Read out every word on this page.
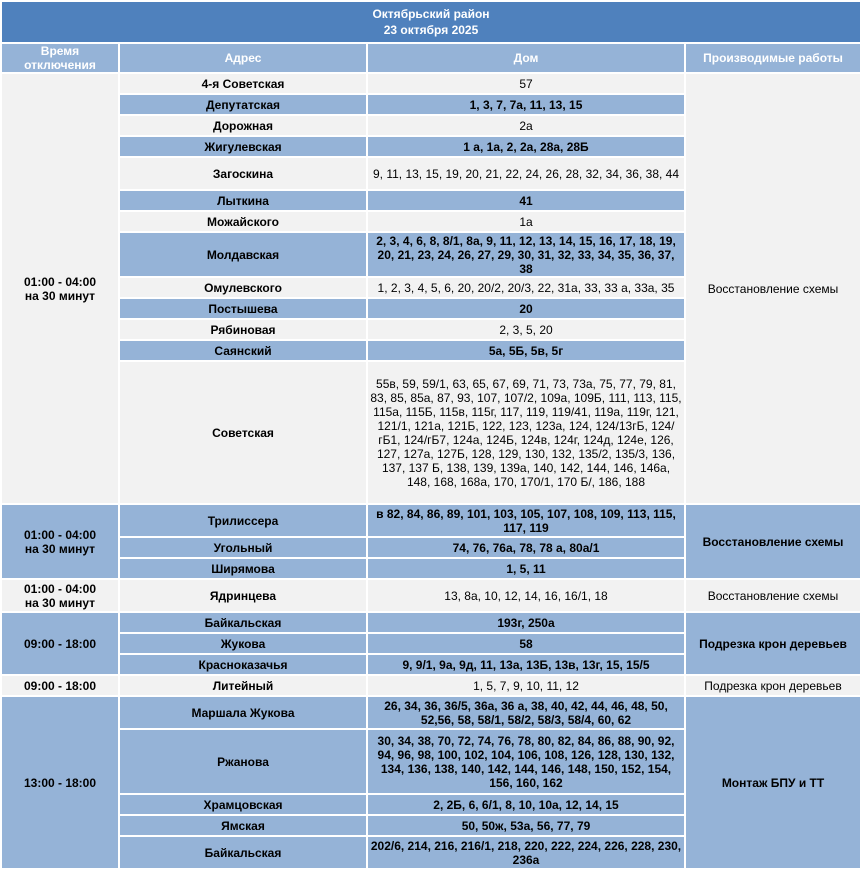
Октябрьский район
23 октября 2025			

Время отключения	Адрес	Дом	Производимые работы

01:00 - 04:00
на 30 минут	4-я Советская	57	Восстановление схемы
	Депутатская	1, 3, 7, 7а, 11, 13, 15	
	Дорожная	2а	
	Жигулевская	1 а, 1а, 2, 2а, 28а, 28Б	
	Загоскина	9, 11, 13, 15, 19, 20, 21, 22, 24, 26, 28, 32, 34, 36, 38, 44	
	Лыткина	41	
	Можайского	1а	
	Молдавская	2, 3, 4, 6, 8, 8/1, 8а, 9, 11, 12, 13, 14, 15, 16, 17, 18, 19, 20, 21, 23, 24, 26, 27, 29, 30, 31, 32, 33, 34, 35, 36, 37, 38	
	Омулевского	1, 2, 3, 4, 5, 6, 20, 20/2, 20/3, 22, 31а, 33, 33 а, 33а, 35	
	Постышева	20	
	Рябиновая	2, 3, 5, 20	
	Саянский	5а, 5Б, 5в, 5г	
	Советская	55в, 59, 59/1, 63, 65, 67, 69, 71, 73, 73а, 75, 77, 79, 81, 83, 85, 85а, 87, 93, 107, 107/2, 109а, 109Б, 111, 113, 115, 115а, 115Б, 115в, 115г, 117, 119, 119/41, 119а, 119г, 121, 121/1, 121а, 121Б, 122, 123, 123а, 124, 124/13гБ, 124/гБ1, 124/гБ7, 124а, 124Б, 124в, 124г, 124д, 124е, 126, 127, 127а, 127Б, 128, 129, 130, 132, 135/2, 135/3, 136, 137, 137 Б, 138, 139, 139а, 140, 142, 144, 146, 146а, 148, 168, 168а, 170, 170/1, 170 Б/, 186, 188	

01:00 - 04:00
на 30 минут	Трилиссера	в 82, 84, 86, 89, 101, 103, 105, 107, 108, 109, 113, 115, 117, 119	Восстановление схемы
	Угольный	74, 76, 76а, 78, 78 а, 80а/1	
	Ширямова	1, 5, 11	

01:00 - 04:00
на 30 минут	Ядринцева	13, 8а, 10, 12, 14, 16, 16/1, 18	Восстановление схемы

09:00 - 18:00	Байкальская	193г, 250а	Подрезка крон деревьев
	Жукова	58	
	Красноказачья	9, 9/1, 9а, 9д, 11, 13а, 13Б, 13в, 13г, 15, 15/5	

09:00 - 18:00	Литейный	1, 5, 7, 9, 10, 11, 12	Подрезка крон деревьев

13:00 - 18:00	Маршала Жукова	26, 34, 36, 36/5, 36а, 36 а, 38, 40, 42, 44, 46, 48, 50, 52,56, 58, 58/1, 58/2, 58/3, 58/4, 60, 62	Монтаж БПУ и ТТ
	Ржанова	30, 34, 38, 70, 72, 74, 76, 78, 80, 82, 84, 86, 88, 90, 92, 94, 96, 98, 100, 102, 104, 106, 108, 126, 128, 130, 132, 134, 136, 138, 140, 142, 144, 146, 148, 150, 152, 154, 156, 160, 162	
	Храмцовская	2, 2Б, 6, 6/1, 8, 10, 10а, 12, 14, 15	
	Ямская	50, 50ж, 53а, 56, 77, 79	
	Байкальская	202/6, 214, 216, 216/1, 218, 220, 222, 224, 226, 228, 230, 236а	
